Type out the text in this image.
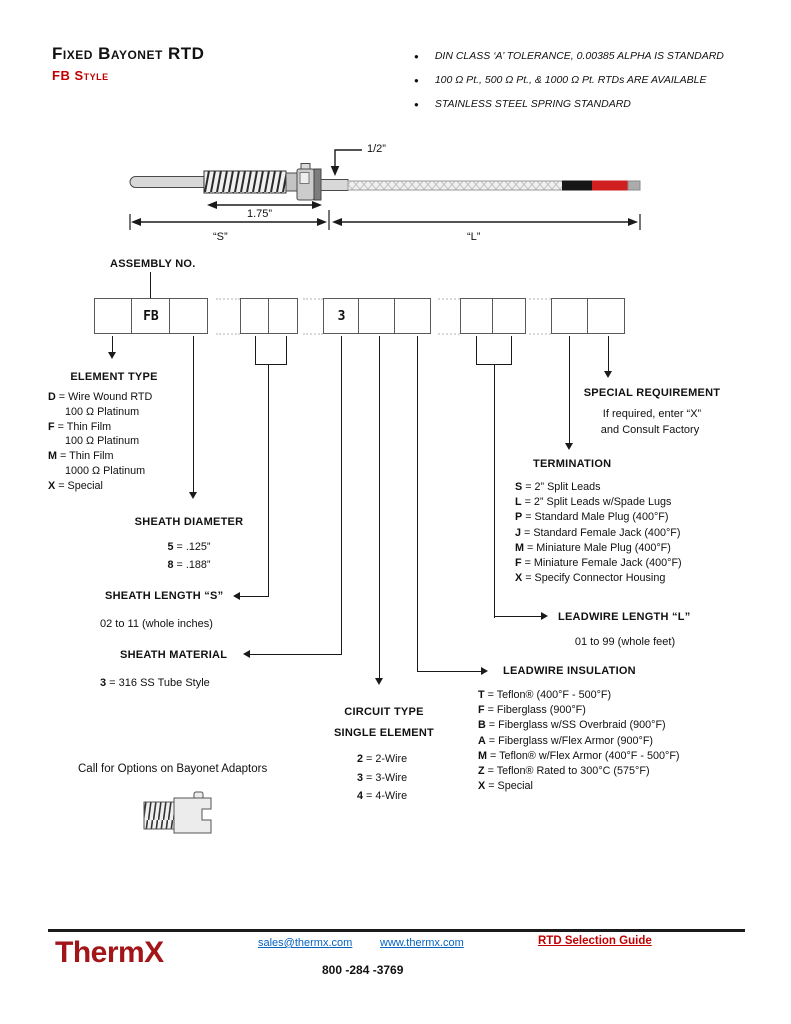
Fixed Bayonet RTD
FB Style
● DIN CLASS ‘A’ TOLERANCE, 0.00385 ALPHA IS STANDARD
● 100 Ω Pt., 500 Ω Pt., & 1000 Ω Pt. RTDs ARE AVAILABLE
● STAINLESS STEEL SPRING STANDARD
1/2”
1.75”
“S”	“L”
ASSEMBLY NO.
FB	3
ELEMENT TYPE
D = Wire Wound RTD
100 Ω Platinum
F = Thin Film
100 Ω Platinum
M = Thin Film
1000 Ω Platinum
X = Special
SHEATH DIAMETER
5 = .125”
8 = .188”
SHEATH LENGTH “S”
02 to 11 (whole inches)
SHEATH MATERIAL
3 = 316 SS Tube Style
CIRCUIT TYPE
SINGLE ELEMENT
2 = 2-Wire
3 = 3-Wire
4 = 4-Wire
SPECIAL REQUIREMENT
If required, enter “X”
and Consult Factory
TERMINATION
S = 2” Split Leads
L = 2” Split Leads w/Spade Lugs
P = Standard Male Plug (400°F)
J = Standard Female Jack (400°F)
M = Miniature Male Plug (400°F)
F = Miniature Female Jack (400°F)
X = Specify Connector Housing
LEADWIRE LENGTH “L”
01 to 99 (whole feet)
LEADWIRE INSULATION
T = Teflon® (400°F - 500°F)
F = Fiberglass (900°F)
B = Fiberglass w/SS Overbraid (900°F)
A = Fiberglass w/Flex Armor (900°F)
M = Teflon® w/Flex Armor (400°F - 500°F)
Z = Teflon® Rated to 300°C (575°F)
X = Special
Call for Options on Bayonet Adaptors
ThermX	sales@thermx.com	www.thermx.com	RTD Selection Guide
800 -284 -3769
